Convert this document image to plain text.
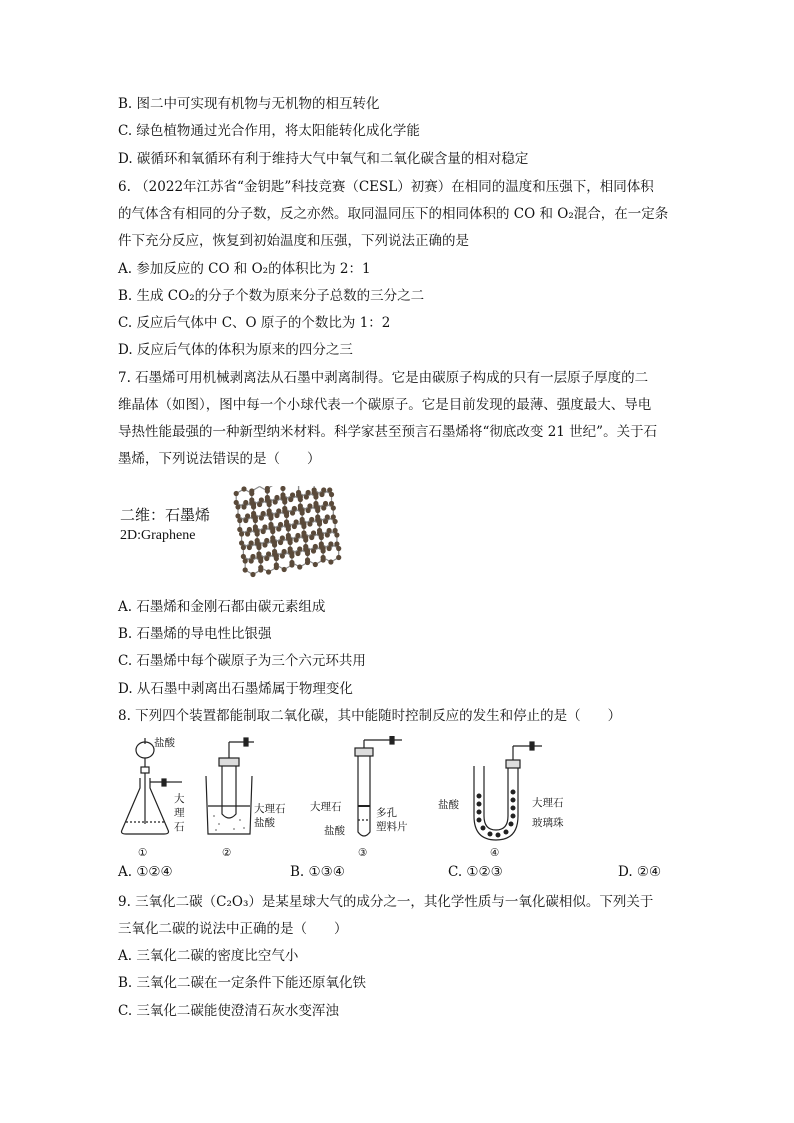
B. 图二中可实现有机物与无机物的相互转化
C. 绿色植物通过光合作用，将太阳能转化成化学能
D. 碳循环和氧循环有利于维持大气中氧气和二氧化碳含量的相对稳定
6. （2022年江苏省“金钥匙”科技竞赛（CESL）初赛）在相同的温度和压强下，相同体积
的气体含有相同的分子数，反之亦然。取同温同压下的相同体积的 CO 和 O₂混合，在一定条
件下充分反应，恢复到初始温度和压强，下列说法正确的是
A. 参加反应的 CO 和 O₂的体积比为 2：1
B. 生成 CO₂的分子个数为原来分子总数的三分之二
C. 反应后气体中 C、O 原子的个数比为 1：2
D. 反应后气体的体积为原来的四分之三
7. 石墨烯可用机械剥离法从石墨中剥离制得。它是由碳原子构成的只有一层原子厚度的二
维晶体（如图），图中每一个小球代表一个碳原子。它是目前发现的最薄、强度最大、导电
导热性能最强的一种新型纳米材料。科学家甚至预言石墨烯将“彻底改变 21 世纪”。关于石
墨烯，下列说法错误的是（　　）
二维：石墨烯
2D:Graphene
A. 石墨烯和金刚石都由碳元素组成
B. 石墨烯的导电性比银强
C. 石墨烯中每个碳原子为三个六元环共用
D. 从石墨中剥离出石墨烯属于物理变化
8. 下列四个装置都能制取二氧化碳，其中能随时控制反应的发生和停止的是（　　）
盐酸
大
理
石
①
大理石
盐酸
②
大理石
盐酸
多孔
塑料片
③
盐酸	大理石
玻璃珠
④
A. ①②④	B. ①③④	C. ①②③	D. ②④
9. 三氧化二碳（C₂O₃）是某星球大气的成分之一，其化学性质与一氧化碳相似。下列关于
三氧化二碳的说法中正确的是（　　）
A. 三氧化二碳的密度比空气小
B. 三氧化二碳在一定条件下能还原氧化铁
C. 三氧化二碳能使澄清石灰水变浑浊
